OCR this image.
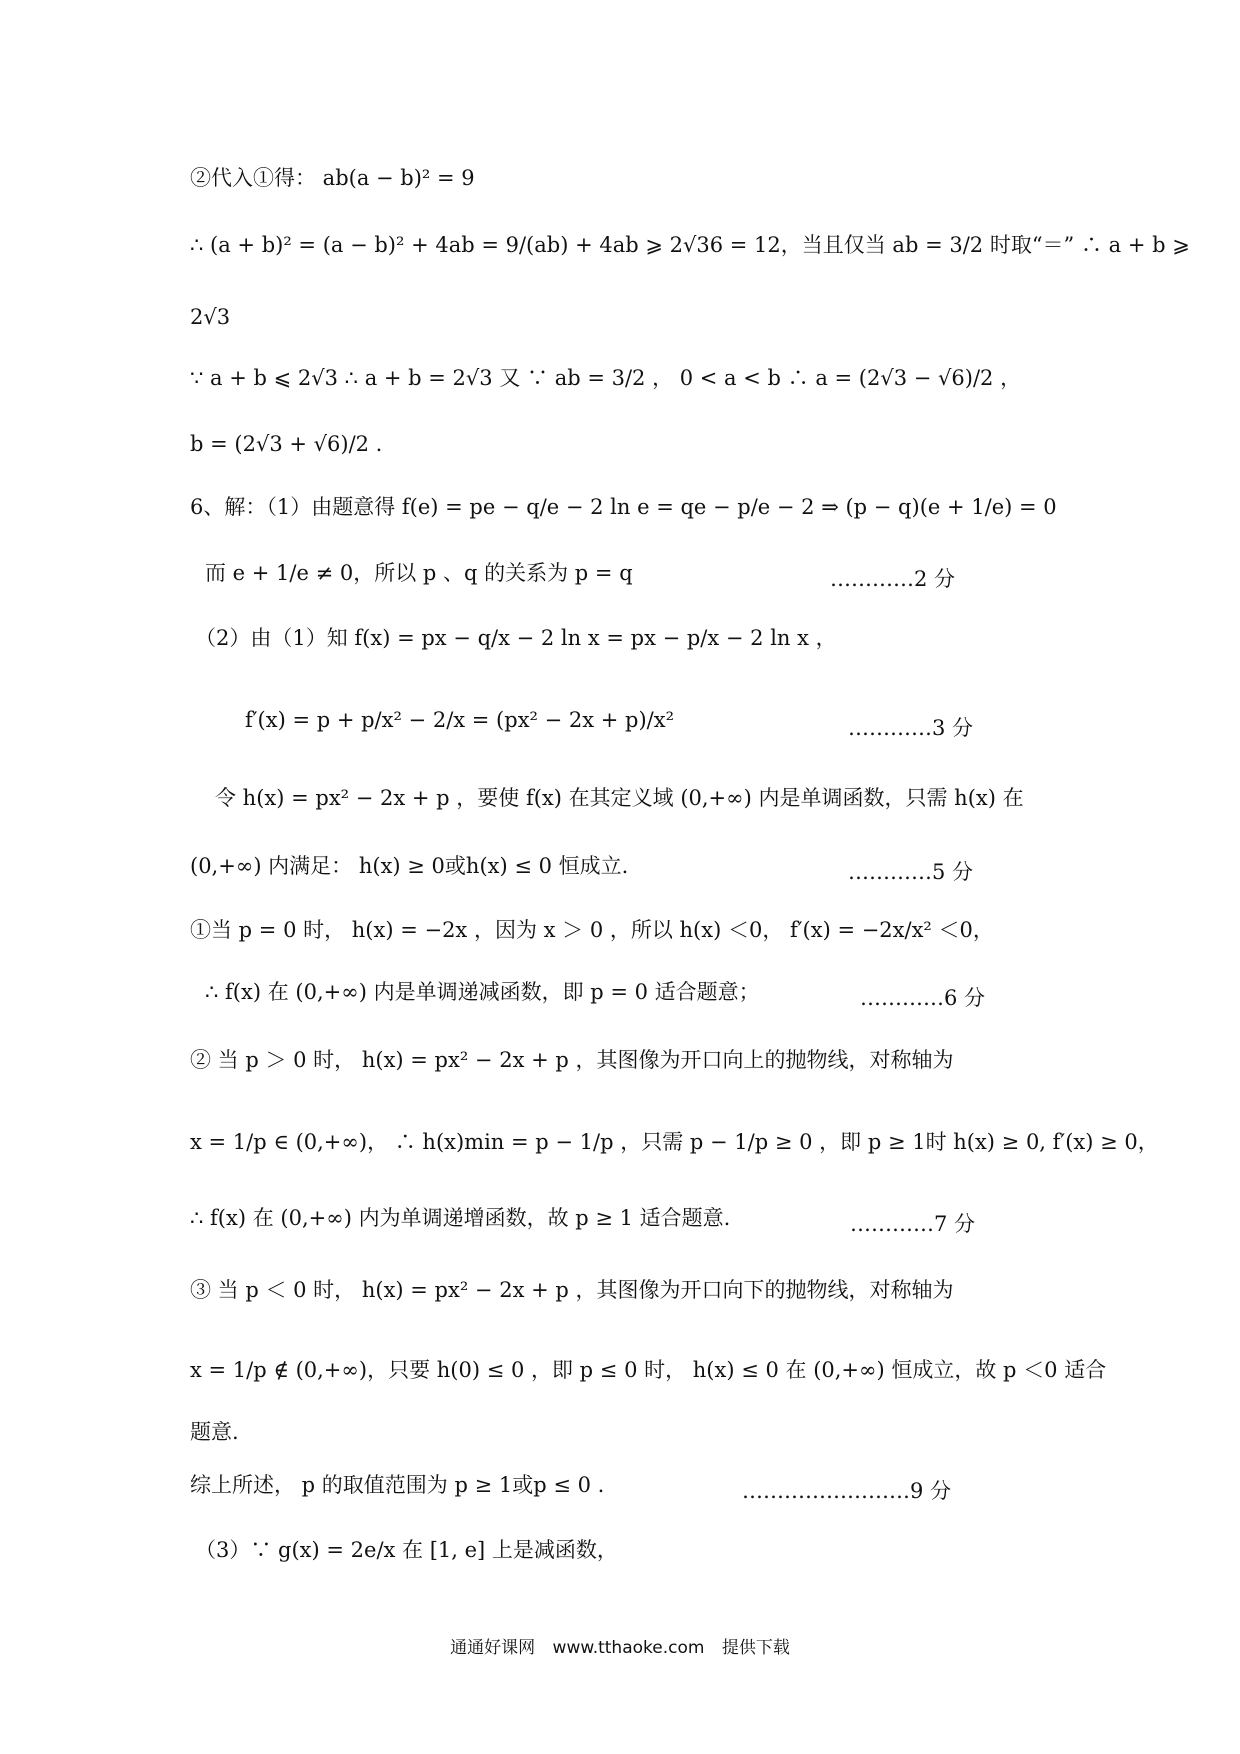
②代入①得： ab(a − b)² = 9
∴ (a + b)² = (a − b)² + 4ab = 9/(ab) + 4ab ⩾ 2√36 = 12，当且仅当 ab = 3/2 时取“＝” ∴ a + b ⩾
2√3
∵ a + b ⩽ 2√3 ∴ a + b = 2√3 又 ∵ ab = 3/2 ， 0 < a < b ∴ a = (2√3 − √6)/2 ，
b = (2√3 + √6)/2 .
6、解：（1）由题意得 f(e) = pe − q/e − 2 ln e = qe − p/e − 2 ⇒ (p − q)(e + 1/e) = 0
而 e + 1/e ≠ 0，所以 p 、q 的关系为 p = q
（2）由（1）知 f(x) = px − q/x − 2 ln x = px − p/x − 2 ln x ，
f′(x) = p + p/x² − 2/x = (px² − 2x + p)/x²
令 h(x) = px² − 2x + p ，要使 f(x) 在其定义域 (0,+∞) 内是单调函数，只需 h(x) 在
(0,+∞) 内满足： h(x) ≥ 0或h(x) ≤ 0 恒成立.
①当 p = 0 时， h(x) = −2x ，因为 x ＞ 0 ，所以 h(x) ＜0， f′(x) = −2x/x² ＜0，
∴ f(x) 在 (0,+∞) 内是单调递减函数，即 p = 0 适合题意；
② 当 p ＞ 0 时， h(x) = px² − 2x + p ，其图像为开口向上的抛物线，对称轴为
x = 1/p ∈ (0,+∞)， ∴ h(x)min = p − 1/p ，只需 p − 1/p ≥ 0 ，即 p ≥ 1时 h(x) ≥ 0, f′(x) ≥ 0，
∴ f(x) 在 (0,+∞) 内为单调递增函数，故 p ≥ 1 适合题意.
③ 当 p ＜ 0 时， h(x) = px² − 2x + p ，其图像为开口向下的抛物线，对称轴为
x = 1/p ∉ (0,+∞)，只要 h(0) ≤ 0 ，即 p ≤ 0 时， h(x) ≤ 0 在 (0,+∞) 恒成立，故 p ＜0 适合
题意.
综上所述， p 的取值范围为 p ≥ 1或p ≤ 0 .
（3）∵ g(x) = 2e/x 在 [1, e] 上是减函数，
…………2 分
…………3 分
…………5 分
…………6 分
…………7 分
……………………9 分
通通好课网 www.tthaoke.com 提供下载
